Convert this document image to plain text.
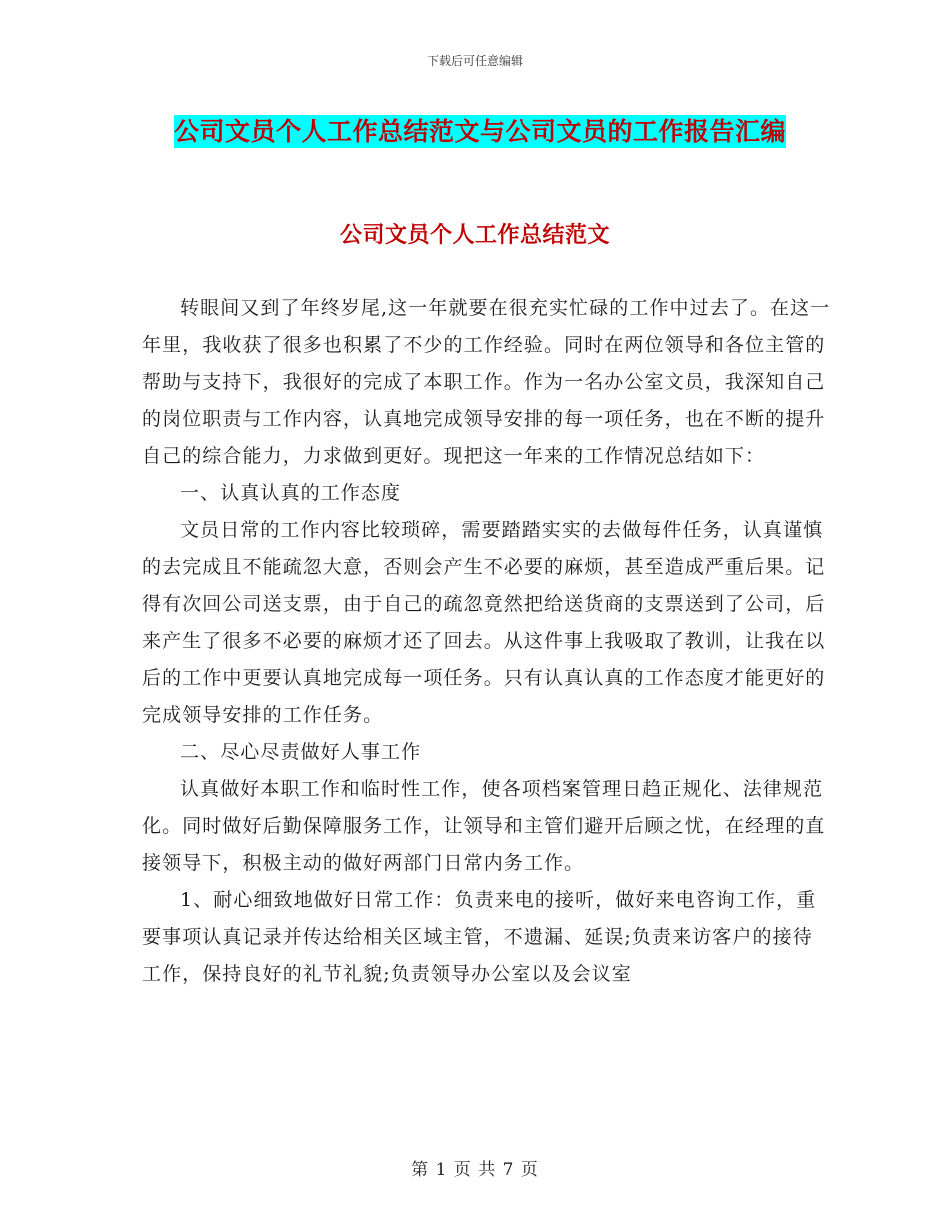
下载后可任意编辑
公司文员个人工作总结范文与公司文员的工作报告汇编
公司文员个人工作总结范文

转眼间又到了年终岁尾,这一年就要在很充实忙碌的工作中过去了。在这一年里，我收获了很多也积累了不少的工作经验。同时在两位领导和各位主管的帮助与支持下，我很好的完成了本职工作。作为一名办公室文员，我深知自己的岗位职责与工作内容，认真地完成领导安排的每一项任务，也在不断的提升自己的综合能力，力求做到更好。现把这一年来的工作情况总结如下：

一、认真认真的工作态度

文员日常的工作内容比较琐碎，需要踏踏实实的去做每件任务，认真谨慎的去完成且不能疏忽大意，否则会产生不必要的麻烦，甚至造成严重后果。记得有次回公司送支票，由于自己的疏忽竟然把给送货商的支票送到了公司，后来产生了很多不必要的麻烦才还了回去。从这件事上我吸取了教训，让我在以后的工作中更要认真地完成每一项任务。只有认真认真的工作态度才能更好的完成领导安排的工作任务。

二、尽心尽责做好人事工作

认真做好本职工作和临时性工作，使各项档案管理日趋正规化、法律规范化。同时做好后勤保障服务工作，让领导和主管们避开后顾之忧，在经理的直接领导下，积极主动的做好两部门日常内务工作。

1、耐心细致地做好日常工作：负责来电的接听，做好来电咨询工作，重要事项认真记录并传达给相关区域主管，不遗漏、延误;负责来访客户的接待工作，保持良好的礼节礼貌;负责领导办公室以及会议室

第 1 页 共 7 页
